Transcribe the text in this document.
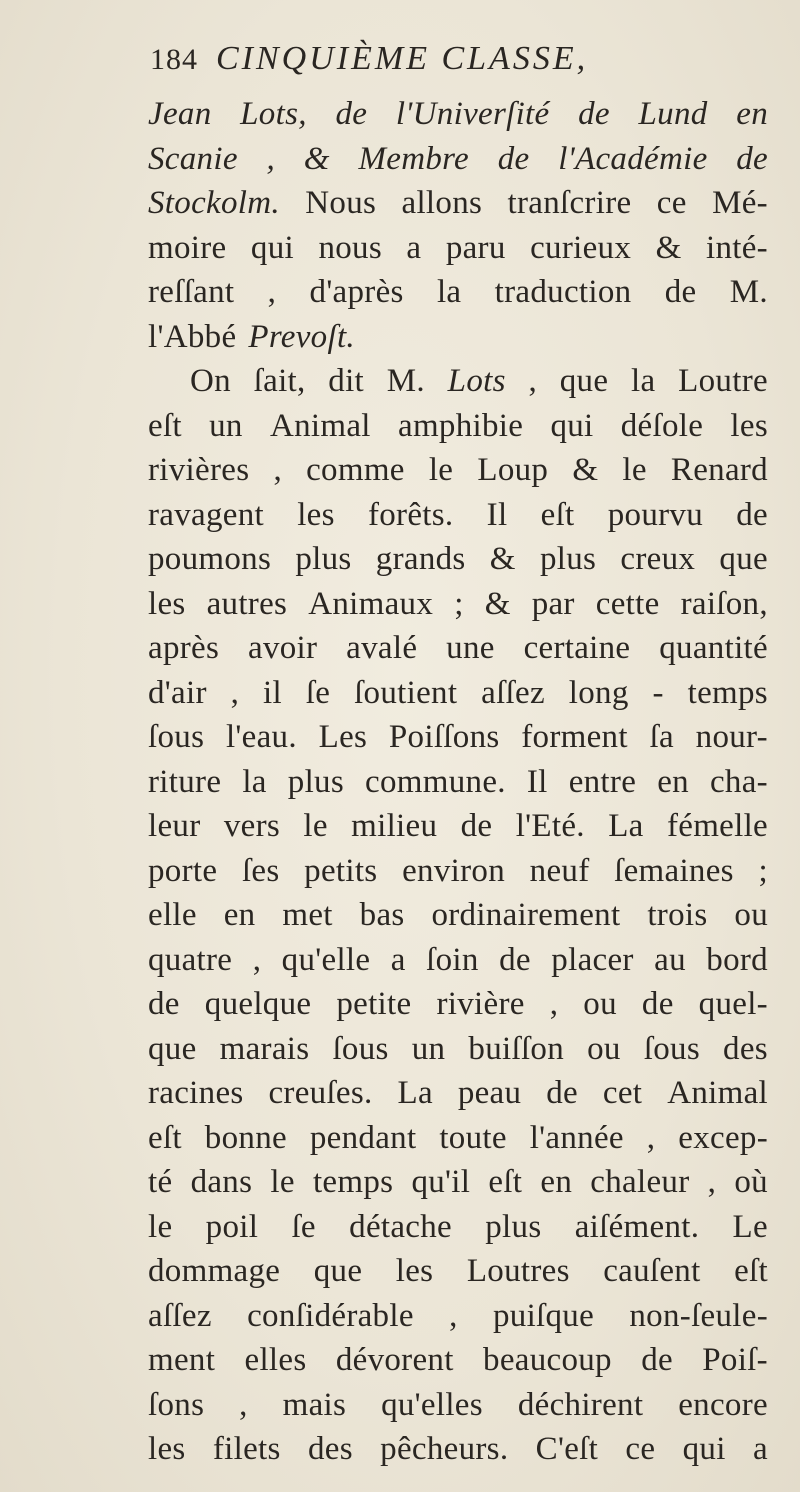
184 CINQUIÈME CLASSE,
Jean Lots, de l'Univerſité de Lund en
Scanie , & Membre de l'Académie de
Stockolm. Nous allons tranſcrire ce Mé-
moire qui nous a paru curieux & inté-
reſſant , d'après la traduction de M.
l'Abbé Prevoſt.
On ſait, dit M. Lots , que la Loutre
eſt un Animal amphibie qui déſole les
rivières , comme le Loup & le Renard
ravagent les forêts. Il eſt pourvu de
poumons plus grands & plus creux que
les autres Animaux ; & par cette raiſon,
après avoir avalé une certaine quantité
d'air , il ſe ſoutient aſſez long - temps
ſous l'eau. Les Poiſſons forment ſa nour-
riture la plus commune. Il entre en cha-
leur vers le milieu de l'Eté. La fémelle
porte ſes petits environ neuf ſemaines ;
elle en met bas ordinairement trois ou
quatre , qu'elle a ſoin de placer au bord
de quelque petite rivière , ou de quel-
que marais ſous un buiſſon ou ſous des
racines creuſes. La peau de cet Animal
eſt bonne pendant toute l'année , excep-
té dans le temps qu'il eſt en chaleur , où
le poil ſe détache plus aiſément. Le
dommage que les Loutres cauſent eſt
aſſez conſidérable , puiſque non-ſeule-
ment elles dévorent beaucoup de Poiſ-
ſons , mais qu'elles déchirent encore
les filets des pêcheurs. C'eſt ce qui a
